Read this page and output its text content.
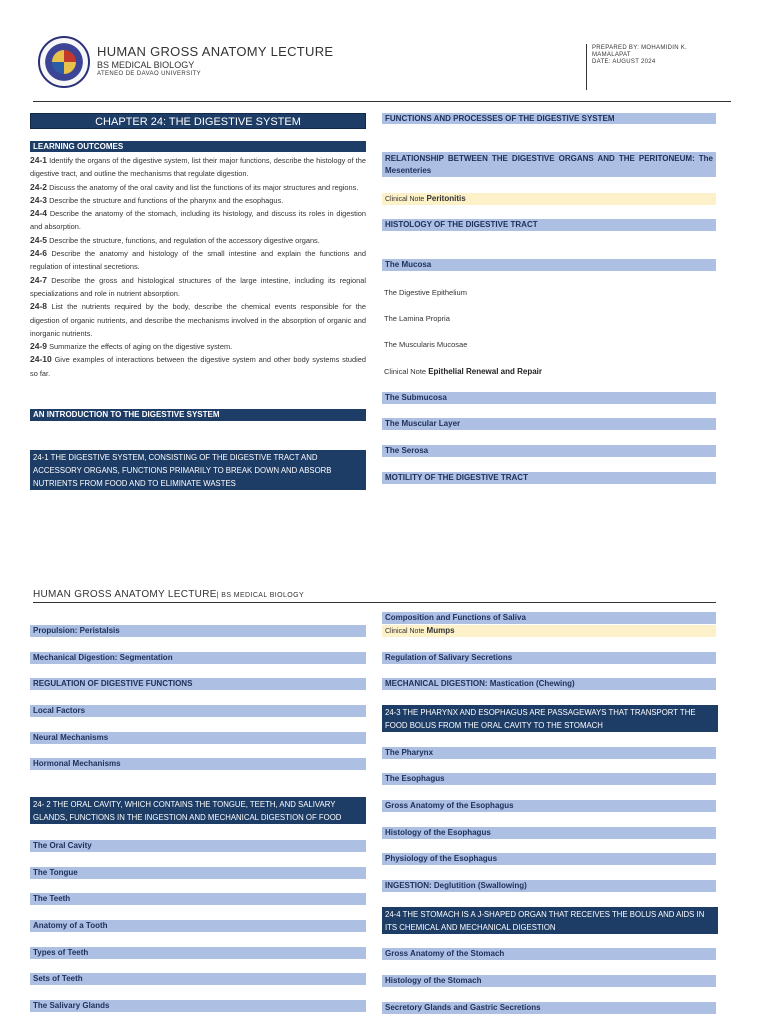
HUMAN GROSS ANATOMY LECTURE
BS MEDICAL BIOLOGY
ATENEO DE DAVAO UNIVERSITY
PREPARED BY: MOHAMIDIN K. MAMALAPAT
DATE: AUGUST 2024
CHAPTER 24: THE DIGESTIVE SYSTEM
LEARNING OUTCOMES
24-1 Identify the organs of the digestive system, list their major functions, describe the histology of the digestive tract, and outline the mechanisms that regulate digestion.
24-2 Discuss the anatomy of the oral cavity and list the functions of its major structures and regions.
24-3 Describe the structure and functions of the pharynx and the esophagus.
24-4 Describe the anatomy of the stomach, including its histology, and discuss its roles in digestion and absorption.
24-5 Describe the structure, functions, and regulation of the accessory digestive organs.
24-6 Describe the anatomy and histology of the small intestine and explain the functions and regulation of intestinal secretions.
24-7 Describe the gross and histological structures of the large intestine, including its regional specializations and role in nutrient absorption.
24-8 List the nutrients required by the body, describe the chemical events responsible for the digestion of organic nutrients, and describe the mechanisms involved in the absorption of organic and inorganic nutrients.
24-9 Summarize the effects of aging on the digestive system.
24-10 Give examples of interactions between the digestive system and other body systems studied so far.
AN INTRODUCTION TO THE DIGESTIVE SYSTEM
24-1 THE DIGESTIVE SYSTEM, CONSISTING OF THE DIGESTIVE TRACT AND ACCESSORY ORGANS, FUNCTIONS PRIMARILY TO BREAK DOWN AND ABSORB NUTRIENTS FROM FOOD AND TO ELIMINATE WASTES
FUNCTIONS AND PROCESSES OF THE DIGESTIVE SYSTEM
RELATIONSHIP BETWEEN THE DIGESTIVE ORGANS AND THE PERITONEUM: The Mesenteries
Clinical Note Peritonitis
HISTOLOGY OF THE DIGESTIVE TRACT
The Mucosa
The Digestive Epithelium
The Lamina Propria
The Muscularis Mucosae
Clinical Note Epithelial Renewal and Repair
The Submucosa
The Muscular Layer
The Serosa
MOTILITY OF THE DIGESTIVE TRACT
HUMAN GROSS ANATOMY LECTURE| BS MEDICAL BIOLOGY
Propulsion: Peristalsis
Mechanical Digestion: Segmentation
REGULATION OF DIGESTIVE FUNCTIONS
Local Factors
Neural Mechanisms
Hormonal Mechanisms
24- 2 THE ORAL CAVITY, WHICH CONTAINS THE TONGUE, TEETH, AND SALIVARY GLANDS, FUNCTIONS IN THE INGESTION AND MECHANICAL DIGESTION OF FOOD
The Oral Cavity
The Tongue
The Teeth
Anatomy of a Tooth
Types of Teeth
Sets of Teeth
The Salivary Glands
Composition and Functions of Saliva
Clinical Note Mumps
Regulation of Salivary Secretions
MECHANICAL DIGESTION: Mastication (Chewing)
24-3 THE PHARYNX AND ESOPHAGUS ARE PASSAGEWAYS THAT TRANSPORT THE FOOD BOLUS FROM THE ORAL CAVITY TO THE STOMACH
The Pharynx
The Esophagus
Gross Anatomy of the Esophagus
Histology of the Esophagus
Physiology of the Esophagus
INGESTION: Deglutition (Swallowing)
24-4 THE STOMACH IS A J-SHAPED ORGAN THAT RECEIVES THE BOLUS AND AIDS IN ITS CHEMICAL AND MECHANICAL DIGESTION
Gross Anatomy of the Stomach
Histology of the Stomach
Secretory Glands and Gastric Secretions
